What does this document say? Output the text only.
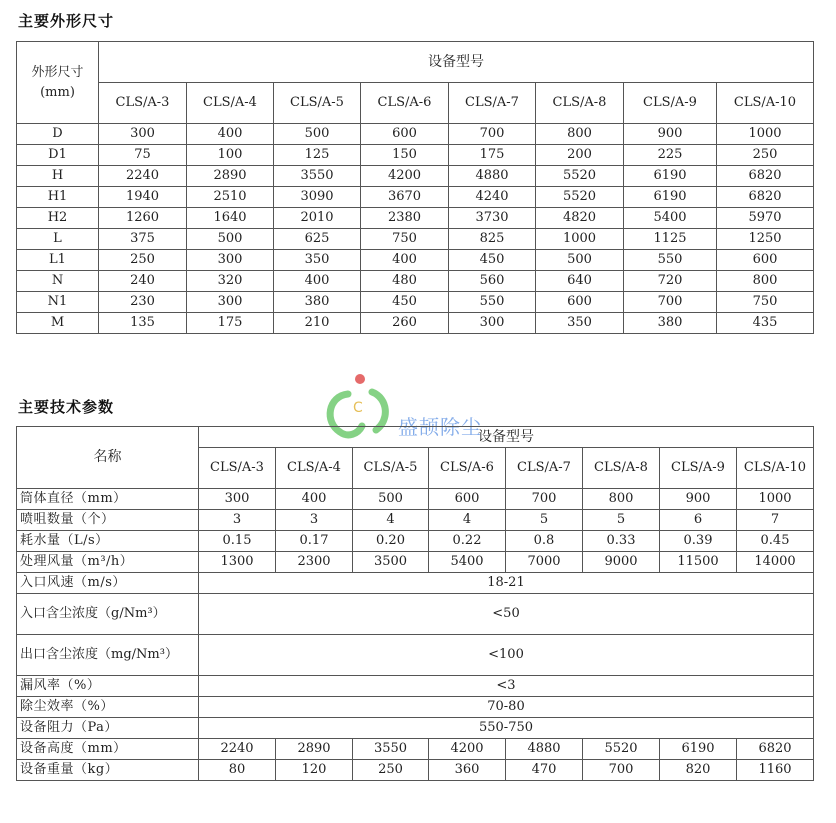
主要外形尺寸
外形尺寸(mm)	设备型号							
	CLS/A-3	CLS/A-4	CLS/A-5	CLS/A-6	CLS/A-7	CLS/A-8	CLS/A-9	CLS/A-10
D	300	400	500	600	700	800	900	1000
D1	75	100	125	150	175	200	225	250
H	2240	2890	3550	4200	4880	5520	6190	6820
H1	1940	2510	3090	3670	4240	5520	6190	6820
H2	1260	1640	2010	2380	3730	4820	5400	5970
L	375	500	625	750	825	1000	1125	1250
L1	250	300	350	400	450	500	550	600
N	240	320	400	480	560	640	720	800
N1	230	300	380	450	550	600	700	750
M	135	175	210	260	300	350	380	435
主要技术参数	C
盛颉除尘
名称	设备型号							
	CLS/A-3	CLS/A-4	CLS/A-5	CLS/A-6	CLS/A-7	CLS/A-8	CLS/A-9	CLS/A-10
筒体直径（mm）	300	400	500	600	700	800	900	1000
喷咀数量（个）	3	3	4	4	5	5	6	7
耗水量（L/s）	0.15	0.17	0.20	0.22	0.8	0.33	0.39	0.45
处理风量（m³/h）	1300	2300	3500	5400	7000	9000	11500	14000
入口风速（m/s）	18-21							
入口含尘浓度（g/Nm³）	<50							
出口含尘浓度（mg/Nm³）	<100							
漏风率（%）	<3							
除尘效率（%）	70-80							
设备阻力（Pa）	550-750							
设备高度（mm）	2240	2890	3550	4200	4880	5520	6190	6820
设备重量（kg）	80	120	250	360	470	700	820	1160
